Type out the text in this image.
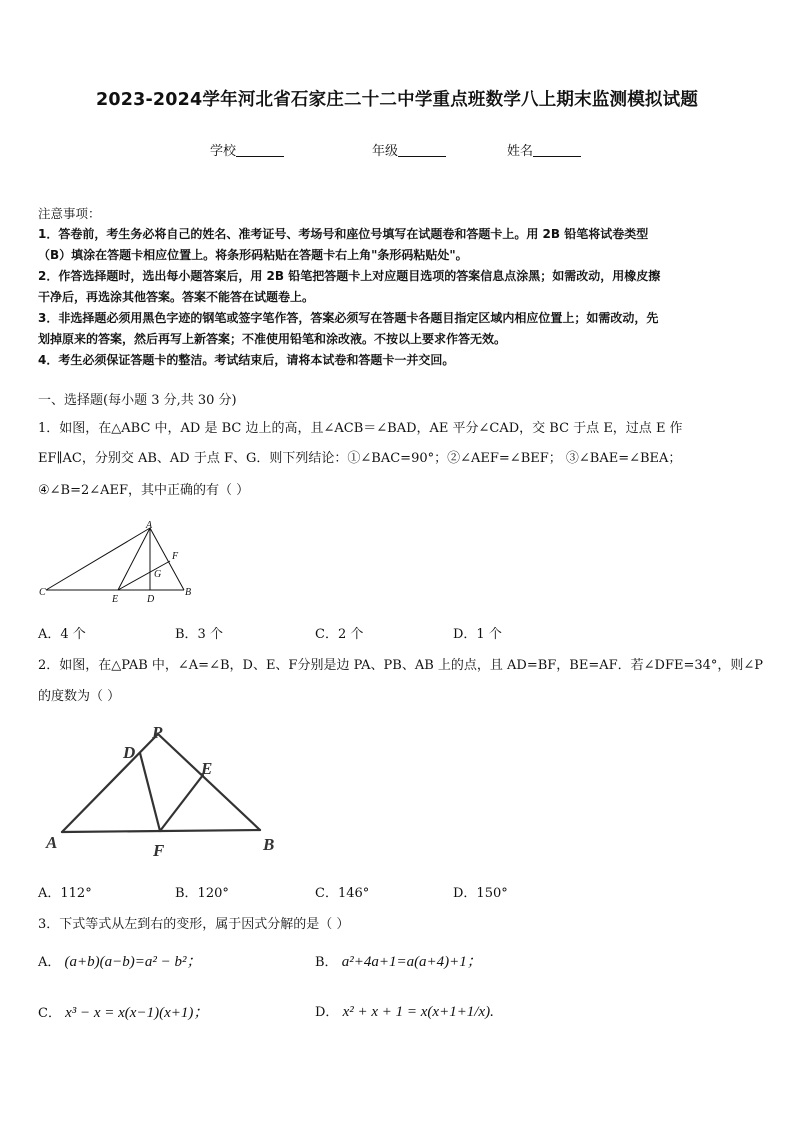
2023-2024学年河北省石家庄二十二中学重点班数学八上期末监测模拟试题
学校	年级	姓名
注意事项：
1．答卷前，考生务必将自己的姓名、准考证号、考场号和座位号填写在试题卷和答题卡上。用 2B 铅笔将试卷类型
（B）填涂在答题卡相应位置上。将条形码粘贴在答题卡右上角"条形码粘贴处"。
2．作答选择题时，选出每小题答案后，用 2B 铅笔把答题卡上对应题目选项的答案信息点涂黑；如需改动，用橡皮擦
干净后，再选涂其他答案。答案不能答在试题卷上。
3．非选择题必须用黑色字迹的钢笔或签字笔作答，答案必须写在答题卡各题目指定区域内相应位置上；如需改动，先
划掉原来的答案，然后再写上新答案；不准使用铅笔和涂改液。不按以上要求作答无效。
4．考生必须保证答题卡的整洁。考试结束后，请将本试卷和答题卡一并交回。
一、选择题(每小题 3 分,共 30 分)
1．如图，在△ABC 中，AD 是 BC 边上的高，且∠ACB＝∠BAD，AE 平分∠CAD，交 BC 于点 E，过点 E 作
EF∥AC，分别交 AB、AD 于点 F、G．则下列结论：①∠BAC=90°；②∠AEF=∠BEF； ③∠BAE=∠BEA；
④∠B=2∠AEF，其中正确的有（ ）
A
F
G
C
E	D
B
A．4 个	B．3 个	C．2 个	D．1 个
2．如图，在△PAB 中，∠A=∠B，D、E、F分别是边 PA、PB、AB 上的点，且 AD=BF，BE=AF．若∠DFE=34°，则∠P
的度数为（ ）
P
D
E
A	F	B
A．112°	B．120°	C．146°	D．150°
3．下式等式从左到右的变形，属于因式分解的是（ ）
A． (a+b)(a−b)=a² − b²；	B． a²+4a+1=a(a+4)+1；
C． x³ − x = x(x−1)(x+1)；	D． x² + x + 1 = x(x+1+1/x).
